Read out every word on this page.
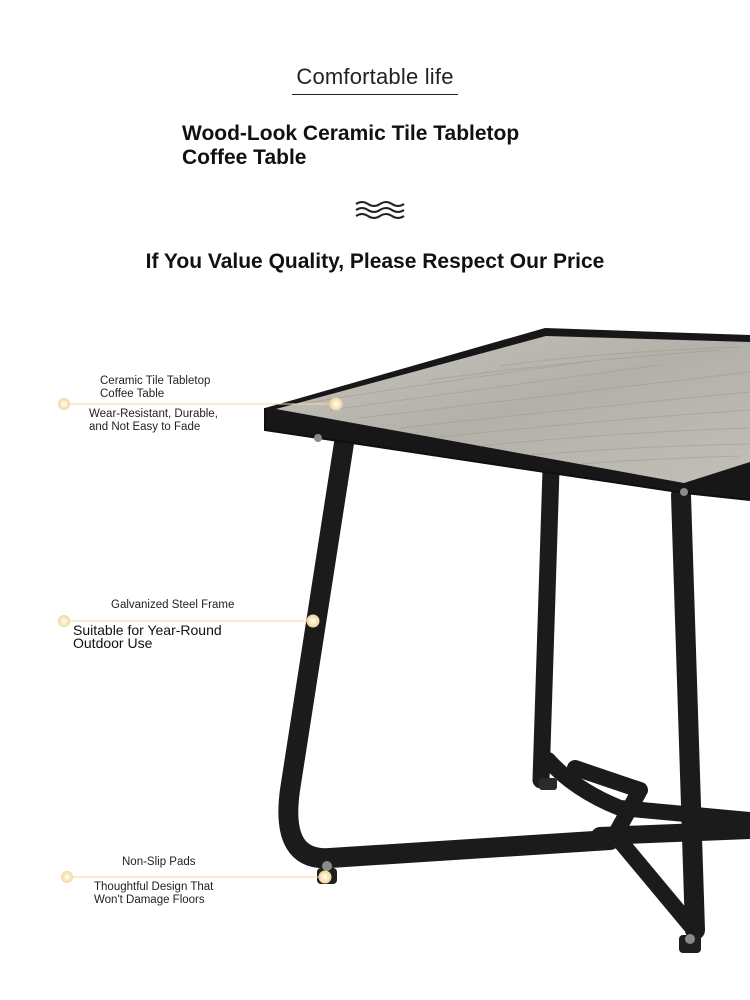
Comfortable life
Wood-Look Ceramic Tile Tabletop
Coffee Table
If You Value Quality, Please Respect Our Price
Ceramic Tile Tabletop
Coffee Table
Wear-Resistant, Durable,
and Not Easy to Fade
Galvanized Steel Frame
Suitable for Year-Round
Outdoor Use
Non-Slip Pads
Thoughtful Design That
Won't Damage Floors
